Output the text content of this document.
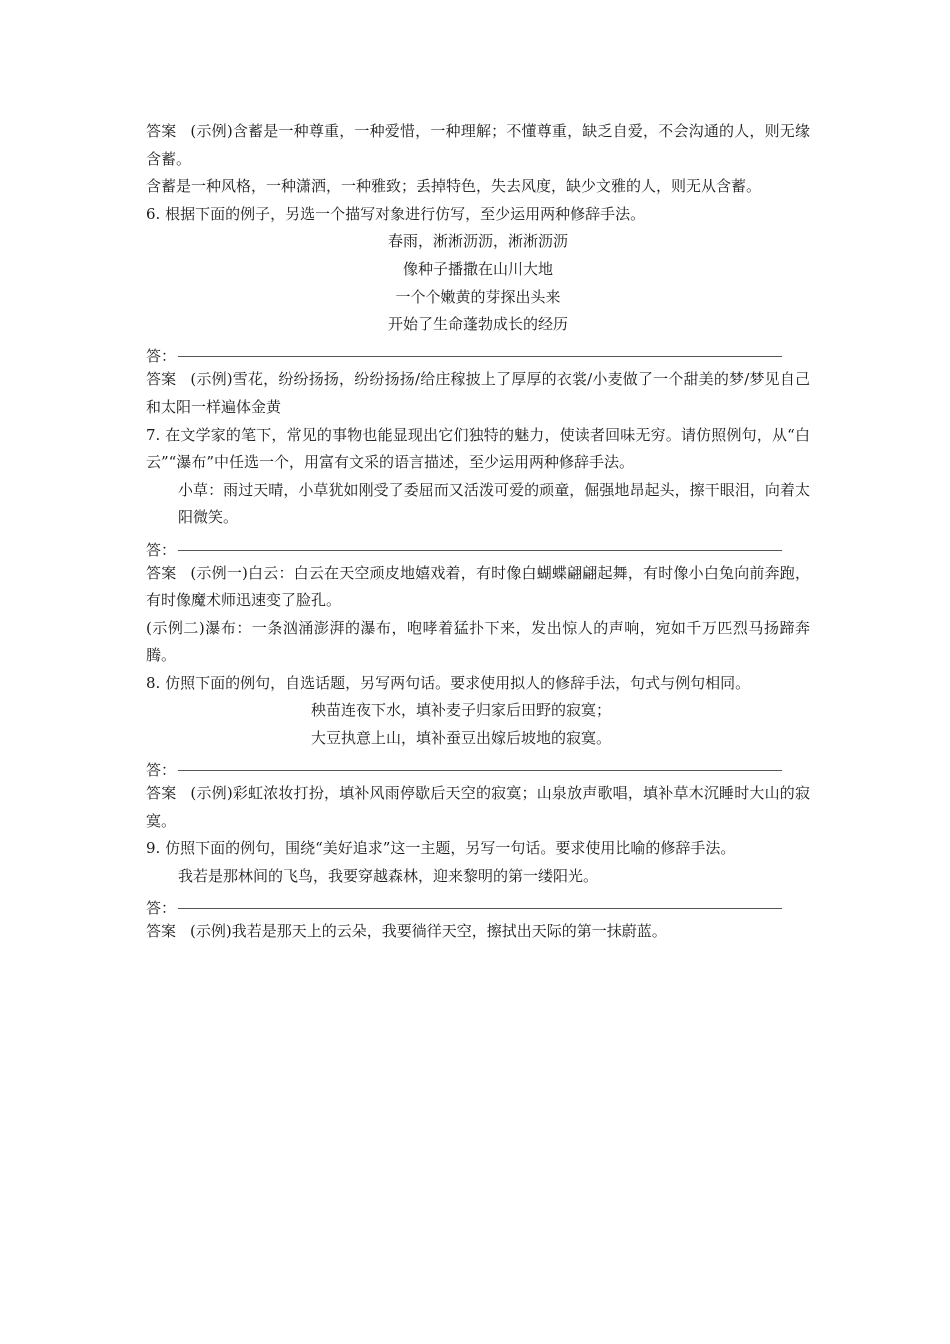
答案 (示例)含蓄是一种尊重，一种爱惜，一种理解；不懂尊重，缺乏自爱，不会沟通的人，则无缘含蓄。
含蓄是一种风格，一种潇洒，一种雅致；丢掉特色，失去风度，缺少文雅的人，则无从含蓄。
6. 根据下面的例子，另选一个描写对象进行仿写，至少运用两种修辞手法。
春雨，淅淅沥沥，淅淅沥沥
像种子播撒在山川大地
一个个嫩黄的芽探出头来
开始了生命蓬勃成长的经历
答：
答案 (示例)雪花，纷纷扬扬，纷纷扬扬/给庄稼披上了厚厚的衣裳/小麦做了一个甜美的梦/梦见自己和太阳一样遍体金黄
7. 在文学家的笔下，常见的事物也能显现出它们独特的魅力，使读者回味无穷。请仿照例句，从“白云”“瀑布”中任选一个，用富有文采的语言描述，至少运用两种修辞手法。
小草：雨过天晴，小草犹如刚受了委屈而又活泼可爱的顽童，倔强地昂起头，擦干眼泪，向着太阳微笑。
答：
答案 (示例一)白云：白云在天空顽皮地嬉戏着，有时像白蝴蝶翩翩起舞，有时像小白兔向前奔跑，有时像魔术师迅速变了脸孔。
(示例二)瀑布：一条汹涌澎湃的瀑布，咆哮着猛扑下来，发出惊人的声响，宛如千万匹烈马扬蹄奔腾。
8. 仿照下面的例句，自选话题，另写两句话。要求使用拟人的修辞手法，句式与例句相同。
秧苗连夜下水，填补麦子归家后田野的寂寞；
大豆执意上山，填补蚕豆出嫁后坡地的寂寞。
答：
答案 (示例)彩虹浓妆打扮，填补风雨停歇后天空的寂寞；山泉放声歌唱，填补草木沉睡时大山的寂寞。
9. 仿照下面的例句，围绕“美好追求”这一主题，另写一句话。要求使用比喻的修辞手法。
我若是那林间的飞鸟，我要穿越森林，迎来黎明的第一缕阳光。
答：
答案 (示例)我若是那天上的云朵，我要徜徉天空，擦拭出天际的第一抹蔚蓝。
